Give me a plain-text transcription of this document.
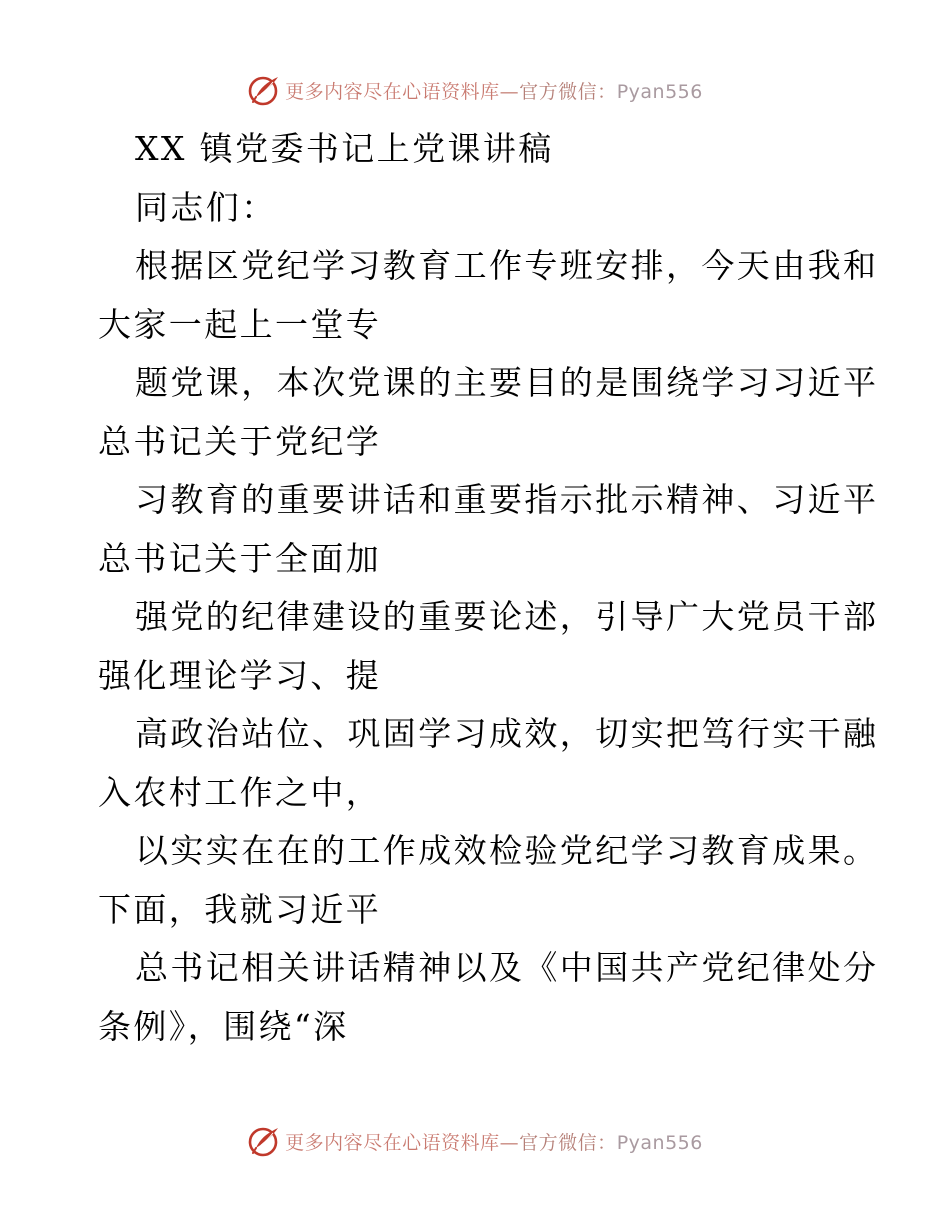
更多内容尽在心语资料库—官方微信：Pyan556
XX 镇党委书记上党课讲稿
同志们：
根据区党纪学习教育工作专班安排，今天由我和
大家一起上一堂专
题党课，本次党课的主要目的是围绕学习习近平
总书记关于党纪学
习教育的重要讲话和重要指示批示精神、习近平
总书记关于全面加
强党的纪律建设的重要论述，引导广大党员干部
强化理论学习、提
高政治站位、巩固学习成效，切实把笃行实干融
入农村工作之中，
以实实在在的工作成效检验党纪学习教育成果。
下面，我就习近平
总书记相关讲话精神以及《中国共产党纪律处分
条例》，围绕“深
更多内容尽在心语资料库—官方微信：Pyan556
